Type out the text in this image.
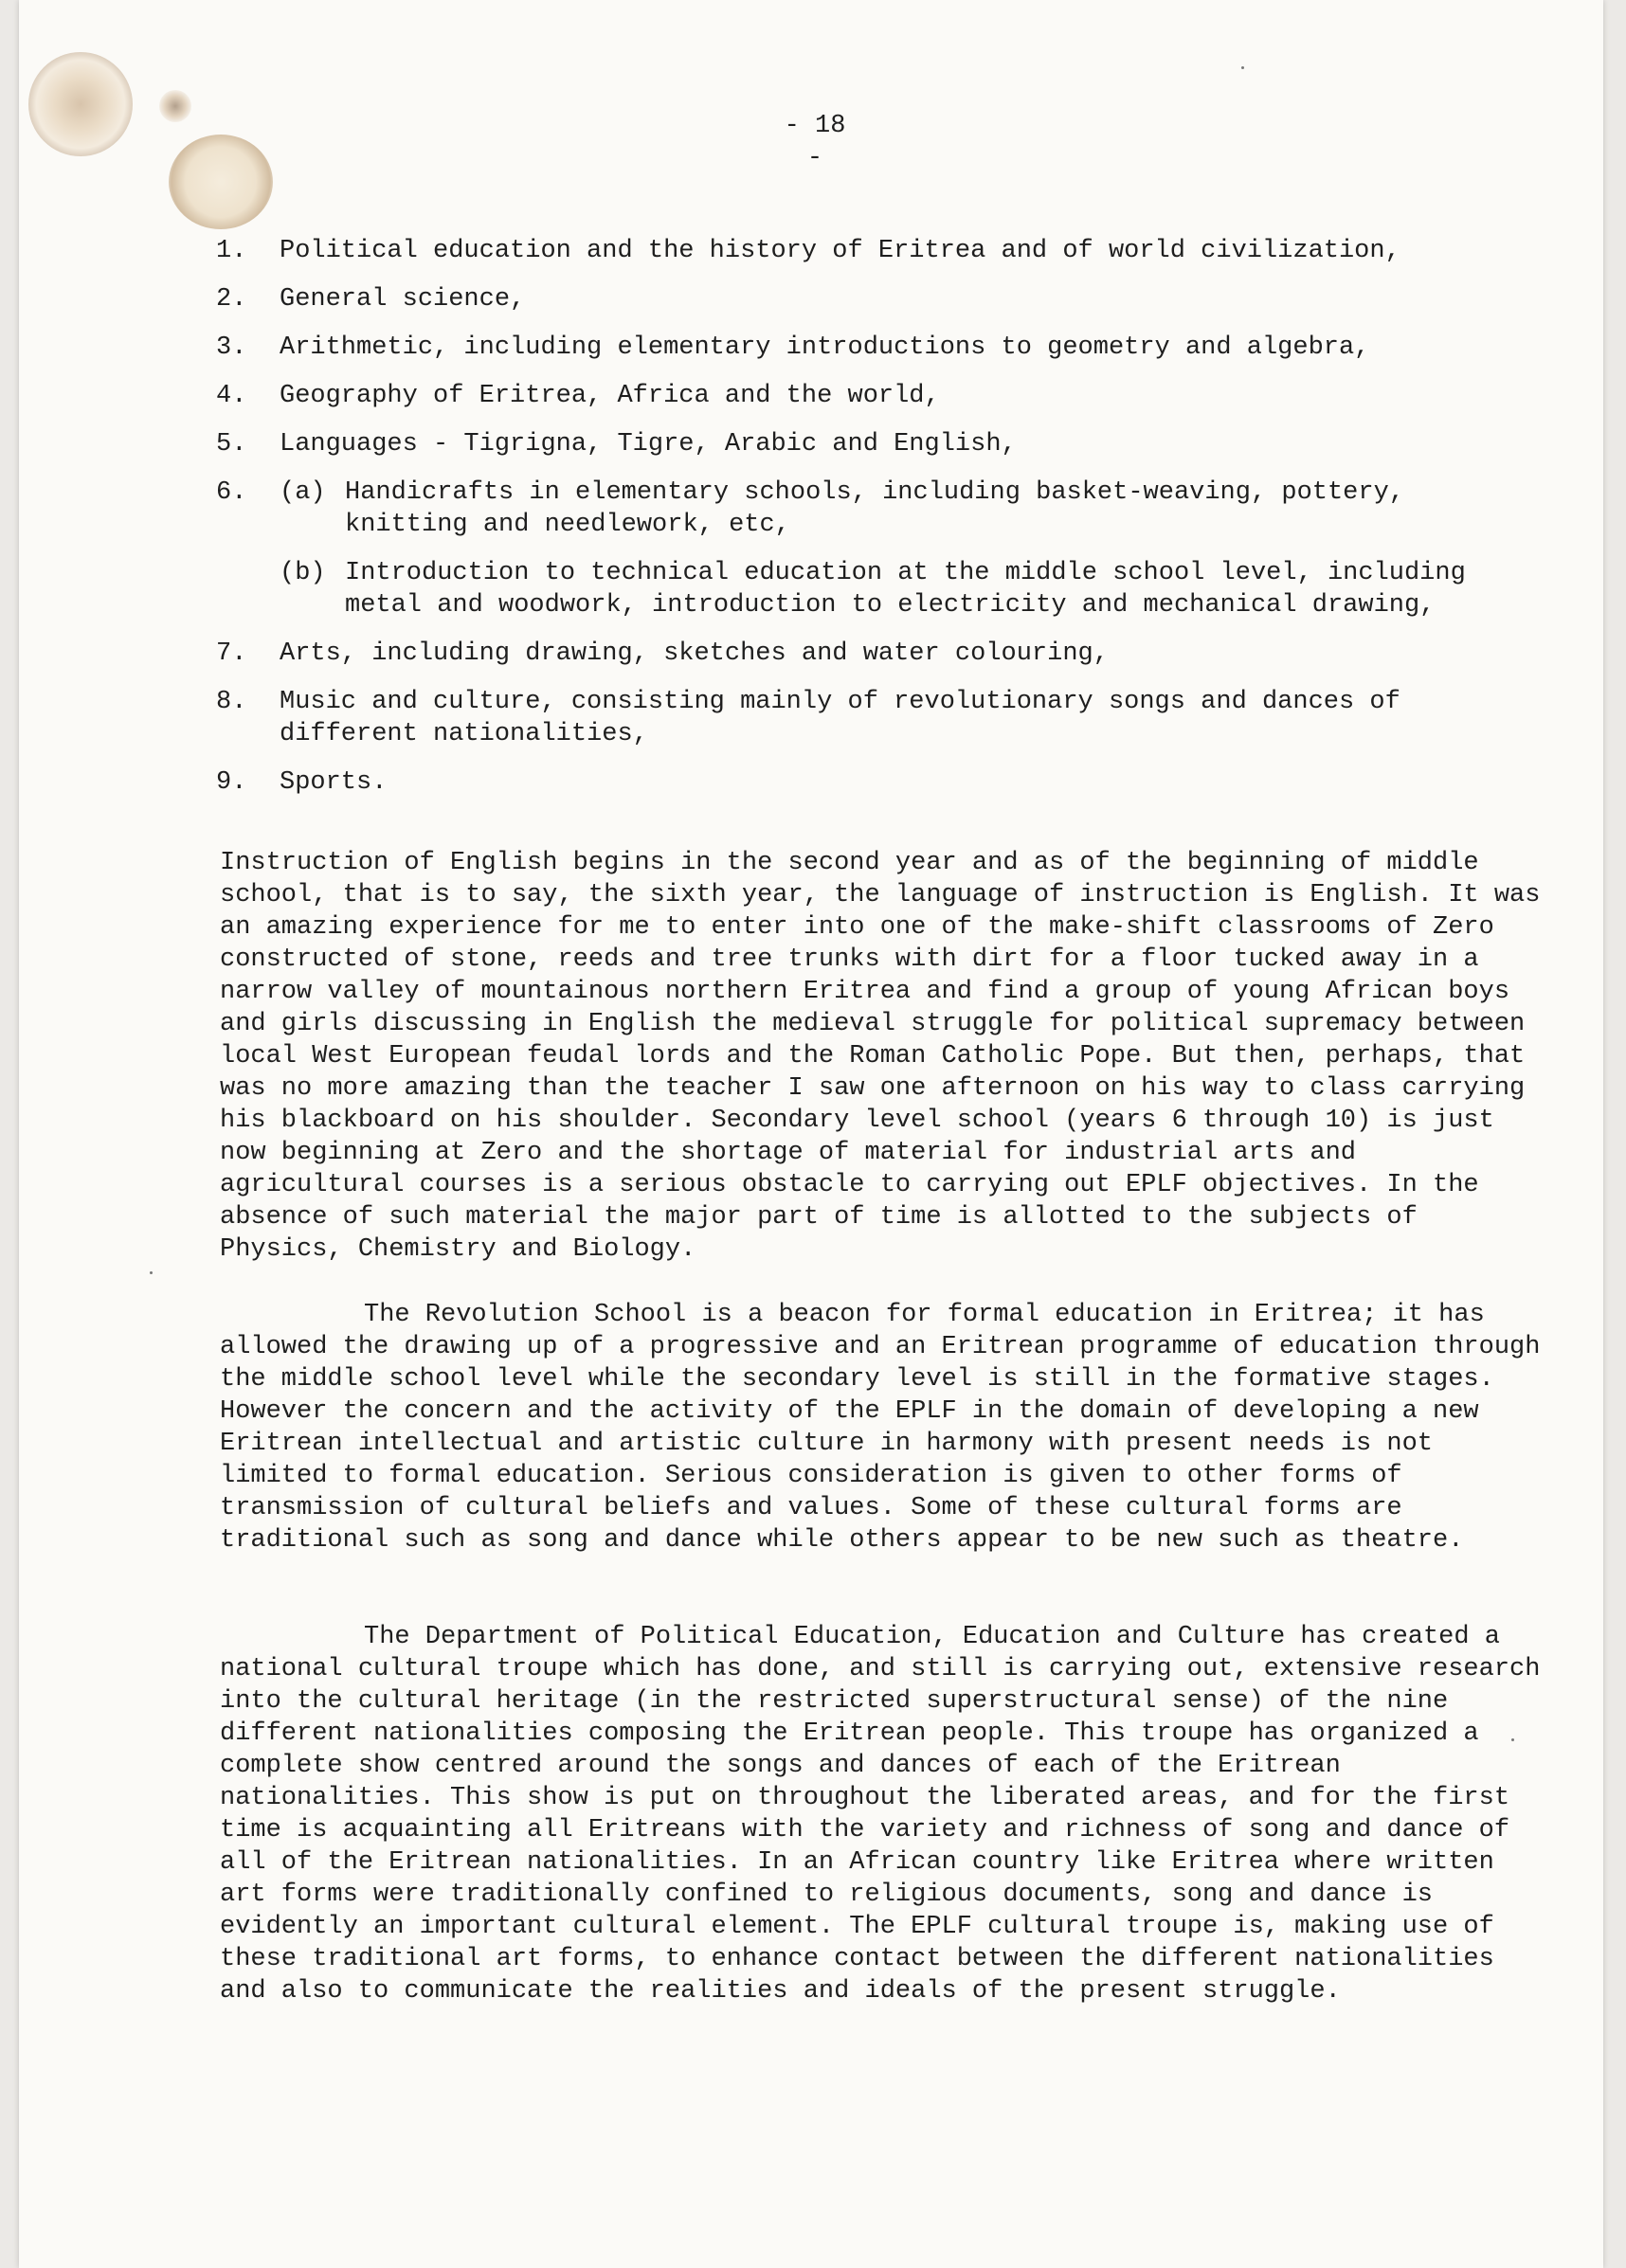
- 18 -
1.	Political education and the history of Eritrea and of world civilization,
2.	General science,
3.	Arithmetic, including elementary introductions to geometry and algebra,
4.	Geography of Eritrea, Africa and the world,
5.	Languages - Tigrigna, Tigre, Arabic and English,
6.	(a) Handicrafts in elementary schools, including basket-weaving, pottery, knitting and needlework, etc,
(b) Introduction to technical education at the middle school level, including metal and woodwork, introduction to electricity and mechanical drawing,
7.	Arts, including drawing, sketches and water colouring,
8.	Music and culture, consisting mainly of revolutionary songs and dances of different nationalities,
9.	Sports.

Instruction of English begins in the second year and as of the beginning of middle school, that is to say, the sixth year, the language of instruction is English. It was an amazing experience for me to enter into one of the make-shift classrooms of Zero constructed of stone, reeds and tree trunks with dirt for a floor tucked away in a narrow valley of mountainous northern Eritrea and find a group of young African boys and girls discussing in English the medieval struggle for political supremacy between local West European feudal lords and the Roman Catholic Pope. But then, perhaps, that was no more amazing than the teacher I saw one afternoon on his way to class carrying his blackboard on his shoulder. Secondary level school (years 6 through 10) is just now beginning at Zero and the shortage of material for industrial arts and agricultural courses is a serious obstacle to carrying out EPLF objectives. In the absence of such material the major part of time is allotted to the subjects of Physics, Chemistry and Biology.

The Revolution School is a beacon for formal education in Eritrea; it has allowed the drawing up of a progressive and an Eritrean programme of education through the middle school level while the secondary level is still in the formative stages. However the concern and the activity of the EPLF in the domain of developing a new Eritrean intellectual and artistic culture in harmony with present needs is not limited to formal education. Serious consideration is given to other forms of transmission of cultural beliefs and values. Some of these cultural forms are traditional such as song and dance while others appear to be new such as theatre.

The Department of Political Education, Education and Culture has created a national cultural troupe which has done, and still is carrying out, extensive research into the cultural heritage (in the restricted superstructural sense) of the nine different nationalities composing the Eritrean people. This troupe has organized a complete show centred around the songs and dances of each of the Eritrean nationalities. This show is put on throughout the liberated areas, and for the first time is acquainting all Eritreans with the variety and richness of song and dance of all of the Eritrean nationalities. In an African country like Eritrea where written art forms were traditionally confined to religious documents, song and dance is evidently an important cultural element. The EPLF cultural troupe is, making use of these traditional art forms, to enhance contact between the different nationalities and also to communicate the realities and ideals of the present struggle.
